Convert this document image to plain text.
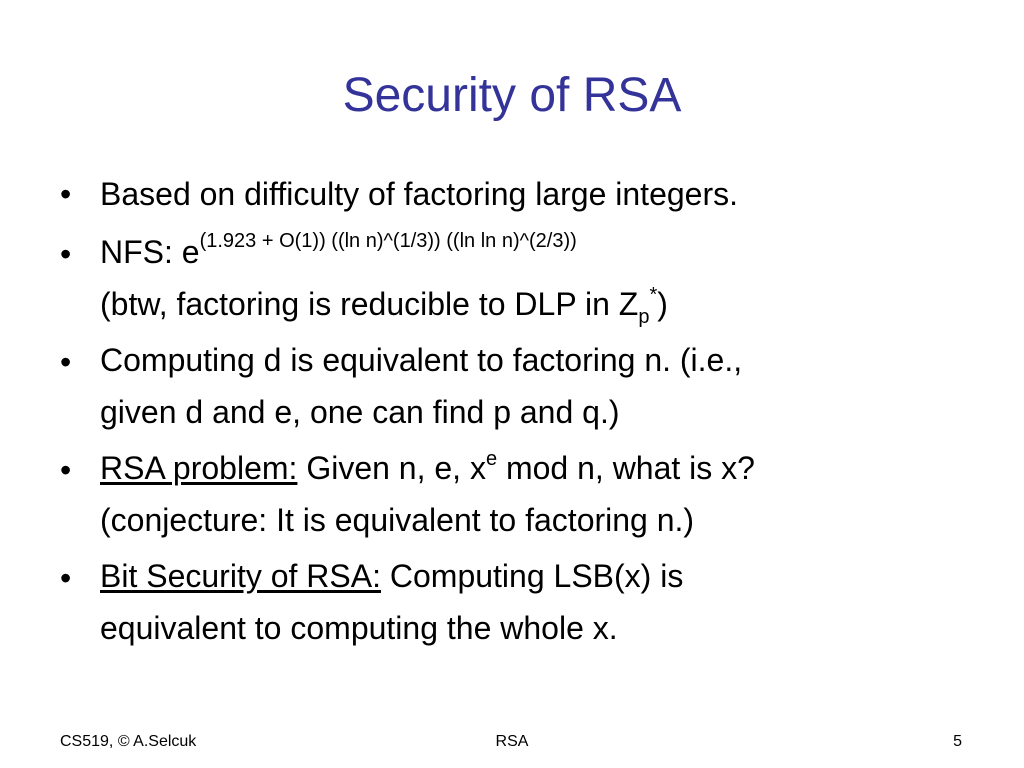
Security of RSA
• Based on difficulty of factoring large integers.
• NFS: $e^{(1.923 + O(1)) ((ln n)\^{}(1/3)) ((ln ln n)\^{}(2/3))}$
(btw, factoring is reducible to DLP in $Z_p^*$)
• Computing d is equivalent to factoring n. (i.e.,
given d and e, one can find p and q.)
• RSA problem: Given n, e, $x^e$ mod n, what is x?
(conjecture: It is equivalent to factoring n.)
• Bit Security of RSA: Computing LSB(x) is
equivalent to computing the whole x.
CS519, © A.Selcuk	RSA	5
